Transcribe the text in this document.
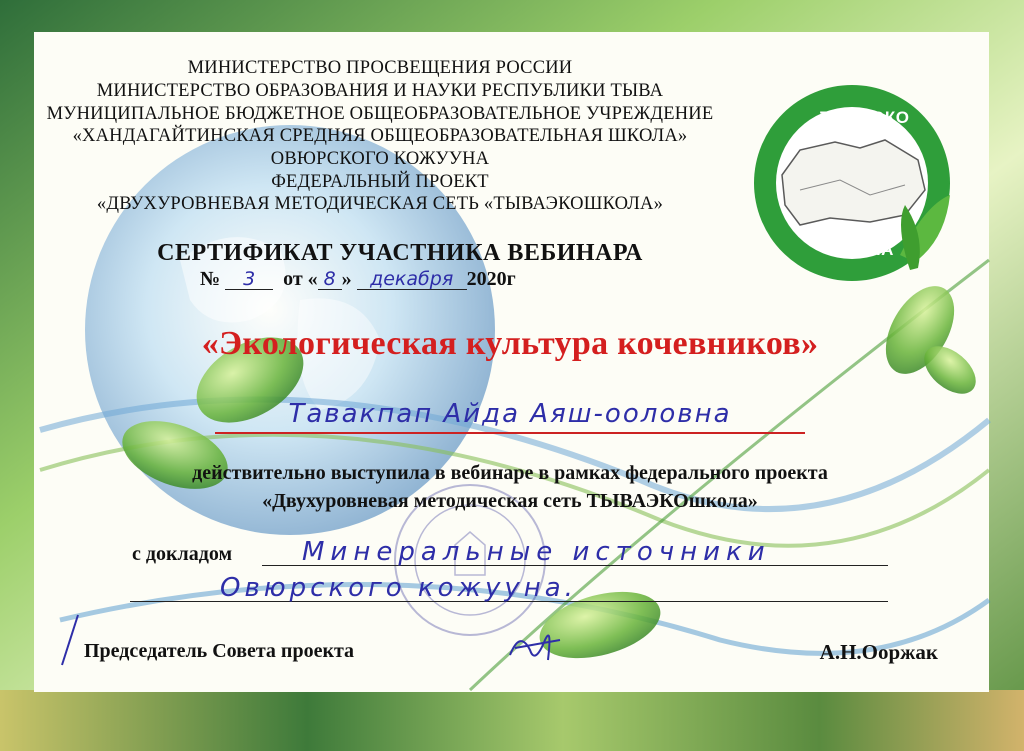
МИНИСТЕРСТВО ПРОСВЕЩЕНИЯ РОССИИ
МИНИСТЕРСТВО ОБРАЗОВАНИЯ И НАУКИ РЕСПУБЛИКИ ТЫВА
МУНИЦИПАЛЬНОЕ БЮДЖЕТНОЕ ОБЩЕОБРАЗОВАТЕЛЬНОЕ УЧРЕЖДЕНИЕ
«ХАНДАГАЙТИНСКАЯ СРЕДНЯЯ ОБЩЕОБРАЗОВАТЕЛЬНАЯ ШКОЛА»
ОВЮРСКОГО КОЖУУНА
ФЕДЕРАЛЬНЫЙ ПРОЕКТ
«ДВУХУРОВНЕВАЯ МЕТОДИЧЕСКАЯ СЕТЬ «ТЫВАЭКОШКОЛА»
ТЫВАЭКО
ШКОЛА
СЕРТИФИКАТ УЧАСТНИКА ВЕБИНАРА
№ 3 от « 8 » декабря 2020г
«Экологическая культура кочевников»
Тавакпап Айда Аяш-ооловна
действительно выступила в вебинаре в рамках федерального проекта
«Двухуровневая методическая сеть ТЫВАЭКОшкола»
с докладом	Минеральные источники
Овюрского кожууна.
Председатель Совета проекта	А.Н.Ооржак
